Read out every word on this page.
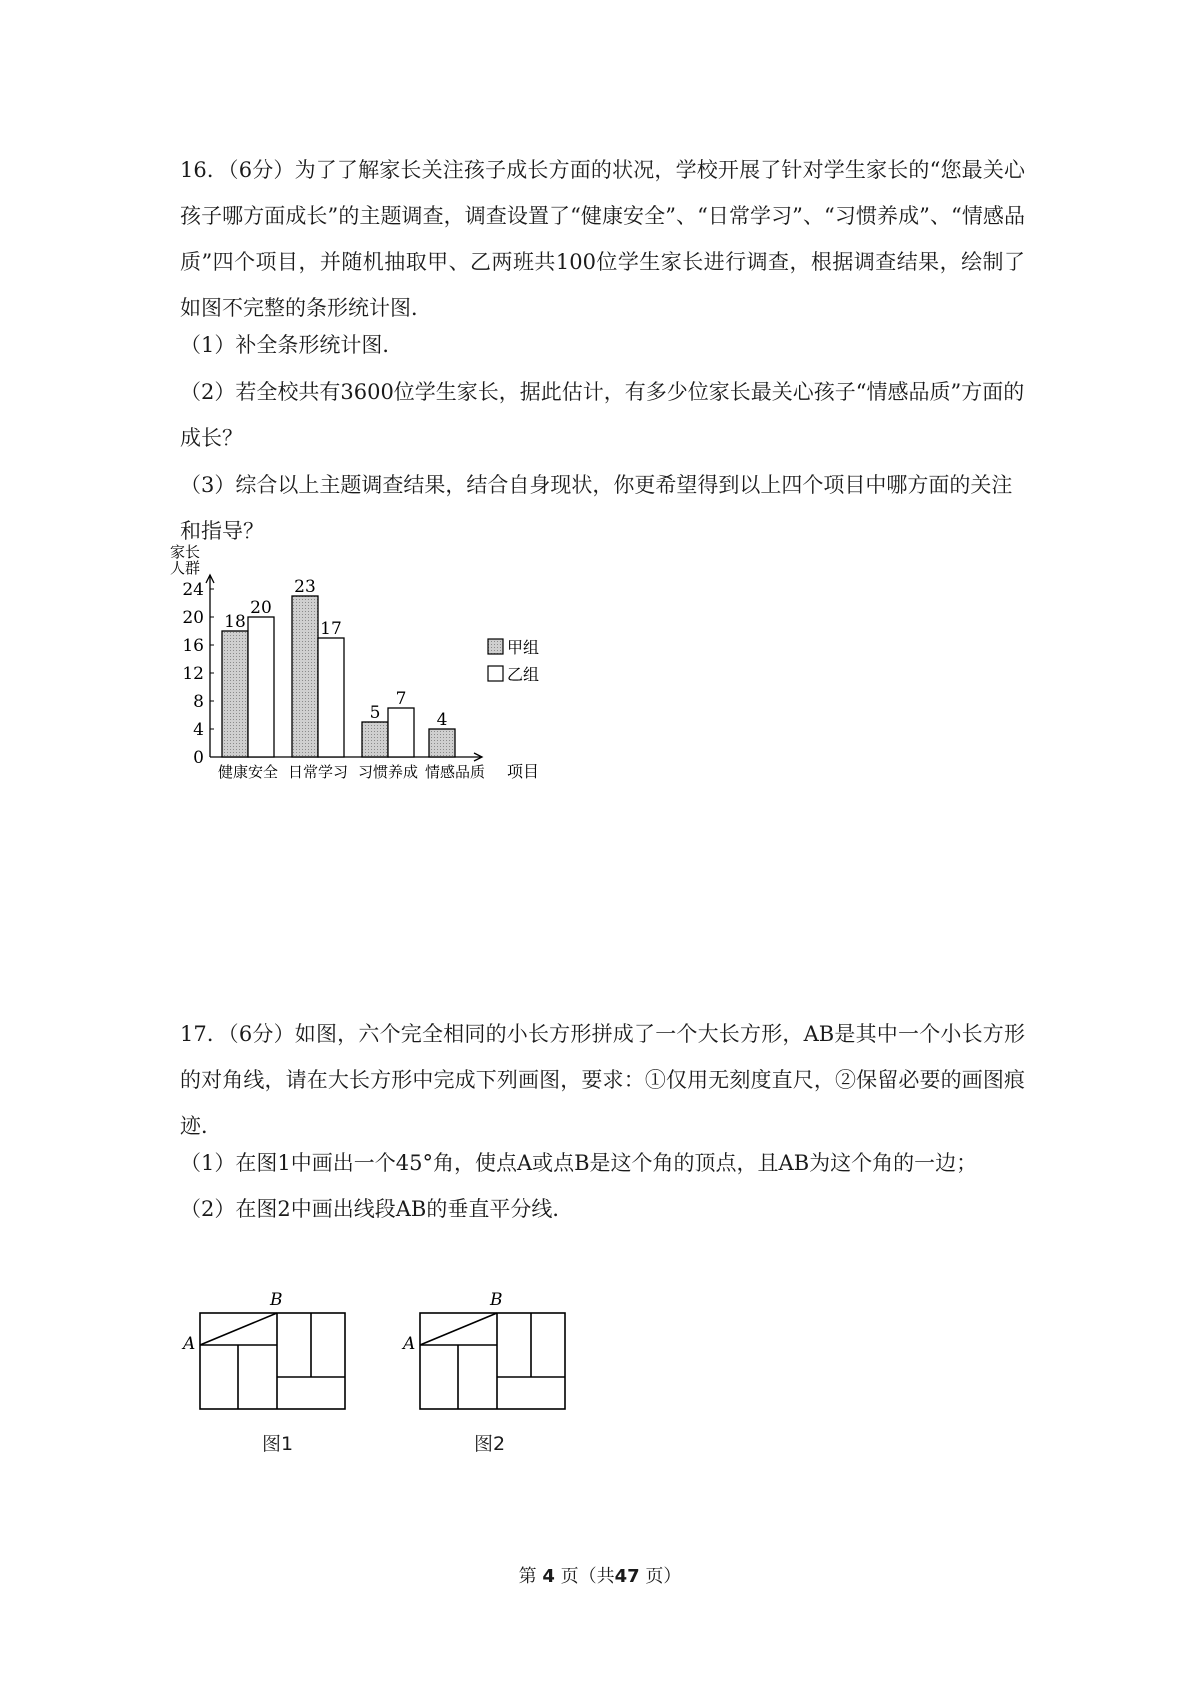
16．（6分）为了了解家长关注孩子成长方面的状况，学校开展了针对学生家长的“您最关心孩子哪方面成长”的主题调查，调查设置了“健康安全”、“日常学习”、“习惯养成”、“情感品质”四个项目，并随机抽取甲、乙两班共100位学生家长进行调查，根据调查结果，绘制了如图不完整的条形统计图．

（1）补全条形统计图．

（2）若全校共有3600位学生家长，据此估计，有多少位家长最关心孩子“情感品质”方面的成长？

（3）综合以上主题调查结果，结合自身现状，你更希望得到以上四个项目中哪方面的关注和指导？

家长
人群
0
4
8
12
16
20
24
18
20
健康安全
23
17
日常学习
5
7
习惯养成
4
情感品质 项目
甲组
乙组

17．（6分）如图，六个完全相同的小长方形拼成了一个大长方形，AB是其中一个小长方形的对角线，请在大长方形中完成下列画图，要求：①仅用无刻度直尺，②保留必要的画图痕迹．

（1）在图1中画出一个45°角，使点A或点B是这个角的顶点，且AB为这个角的一边；

（2）在图2中画出线段AB的垂直平分线．

A
B
图1
A
B
图2
第 4 页（共47 页）
